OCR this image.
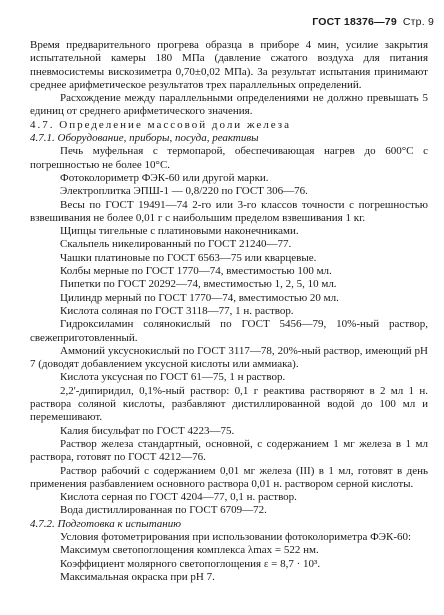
ГОСТ 18376—79 Стр. 9

Время предварительного прогрева образца в приборе 4 мин, усилие закрытия испытательной камеры 180 МПа (давление сжатого воздуха для питания пневмосистемы вискозиметра 0,70±0,02 МПа). За результат испытания принимают среднее арифметическое результатов трех параллельных определений.

Расхождение между параллельными определениями не должно превышать 5 единиц от среднего арифметического значения.

4.7. Определение массовой доли железа

4.7.1. Оборудование, приборы, посуда, реактивы

Печь муфельная с термопарой, обеспечивающая нагрев до 600°С с погрешностью не более 10°С.

Фотоколориметр ФЭК-60 или другой марки.

Электроплитка ЭПШ-1 — 0,8/220 по ГОСТ 306—76.

Весы по ГОСТ 19491—74 2-го или 3-го классов точности с погрешностью взвешивания не более 0,01 г с наибольшим пределом взвешивания 1 кг.

Щипцы тигельные с платиновыми наконечниками.

Скальпель никелированный по ГОСТ 21240—77.

Чашки платиновые по ГОСТ 6563—75 или кварцевые.

Колбы мерные по ГОСТ 1770—74, вместимостью 100 мл.

Пипетки по ГОСТ 20292—74, вместимостью 1, 2, 5, 10 мл.

Цилиндр мерный по ГОСТ 1770—74, вместимостью 20 мл.

Кислота соляная по ГОСТ 3118—77, 1 н. раствор.

Гидроксиламин солянокислый по ГОСТ 5456—79, 10%-ный раствор, свежеприготовленный.

Аммоний уксуснокислый по ГОСТ 3117—78, 20%-ный раствор, имеющий рН 7 (доводят добавлением уксусной кислоты или аммиака).

Кислота уксусная по ГОСТ 61—75, 1 н раствор.

2,2'-дипиридил, 0,1%-ный раствор: 0,1 г реактива растворяют в 2 мл 1 н. раствора соляной кислоты, разбавляют дистиллированной водой до 100 мл и перемешивают.

Калия бисульфат по ГОСТ 4223—75.

Раствор железа стандартный, основной, с содержанием 1 мг железа в 1 мл раствора, готовят по ГОСТ 4212—76.

Раствор рабочий с содержанием 0,01 мг железа (III) в 1 мл, готовят в день применения разбавлением основного раствора 0,01 н. раствором серной кислоты.

Кислота серная по ГОСТ 4204—77, 0,1 н. раствор.

Вода дистиллированная по ГОСТ 6709—72.

4.7.2. Подготовка к испытанию

Условия фотометрирования при использовании фотоколориметра ФЭК-60:

Максимум светопоглощения комплекса λmax = 522 нм.

Коэффициент молярного светопоглощения ε = 8,7 · 10³.

Максимальная окраска при рН 7.
